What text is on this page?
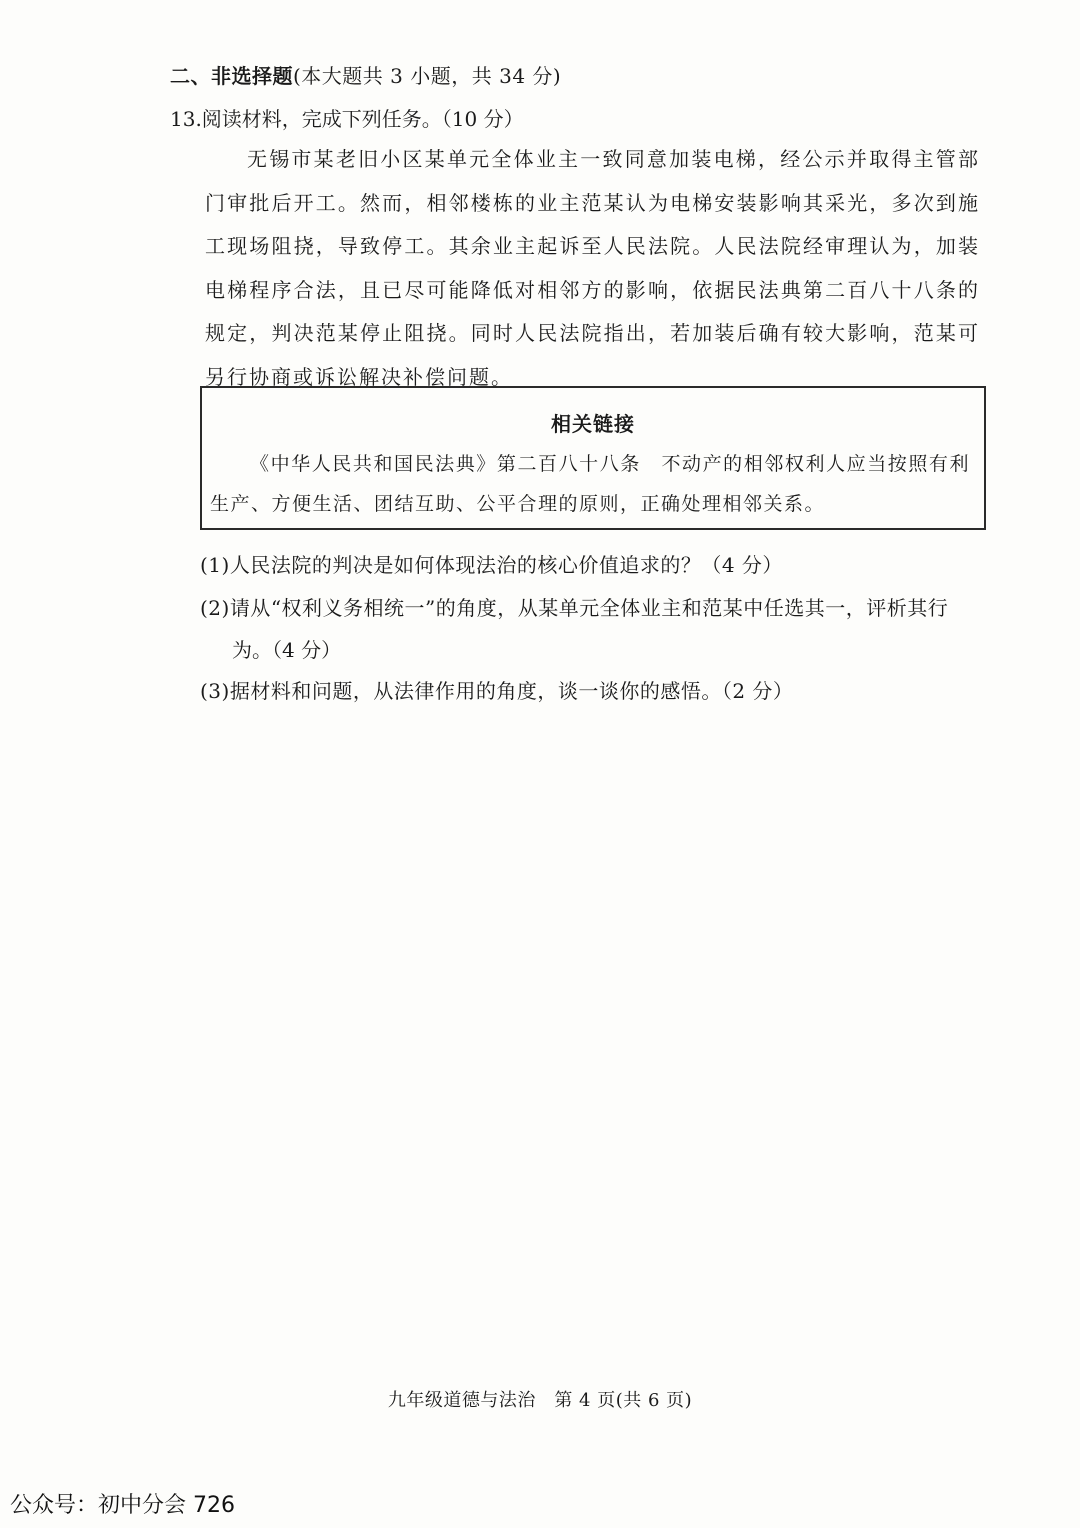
二、非选择题(本大题共 3 小题，共 34 分)
13.阅读材料，完成下列任务。（10 分）
无锡市某老旧小区某单元全体业主一致同意加装电梯，经公示并取得主管部门审批后开工。然而，相邻楼栋的业主范某认为电梯安装影响其采光，多次到施工现场阻挠，导致停工。其余业主起诉至人民法院。人民法院经审理认为，加装电梯程序合法，且已尽可能降低对相邻方的影响，依据民法典第二百八十八条的规定，判决范某停止阻挠。同时人民法院指出，若加装后确有较大影响，范某可另行协商或诉讼解决补偿问题。
相关链接
《中华人民共和国民法典》第二百八十八条　不动产的相邻权利人应当按照有利生产、方便生活、团结互助、公平合理的原则，正确处理相邻关系。
(1)人民法院的判决是如何体现法治的核心价值追求的？（4 分）
(2)请从“权利义务相统一”的角度，从某单元全体业主和范某中任选其一，评析其行
为。（4 分）
(3)据材料和问题，从法律作用的角度，谈一谈你的感悟。（2 分）
九年级道德与法治　第 4 页(共 6 页)
公众号：初中分会 726
